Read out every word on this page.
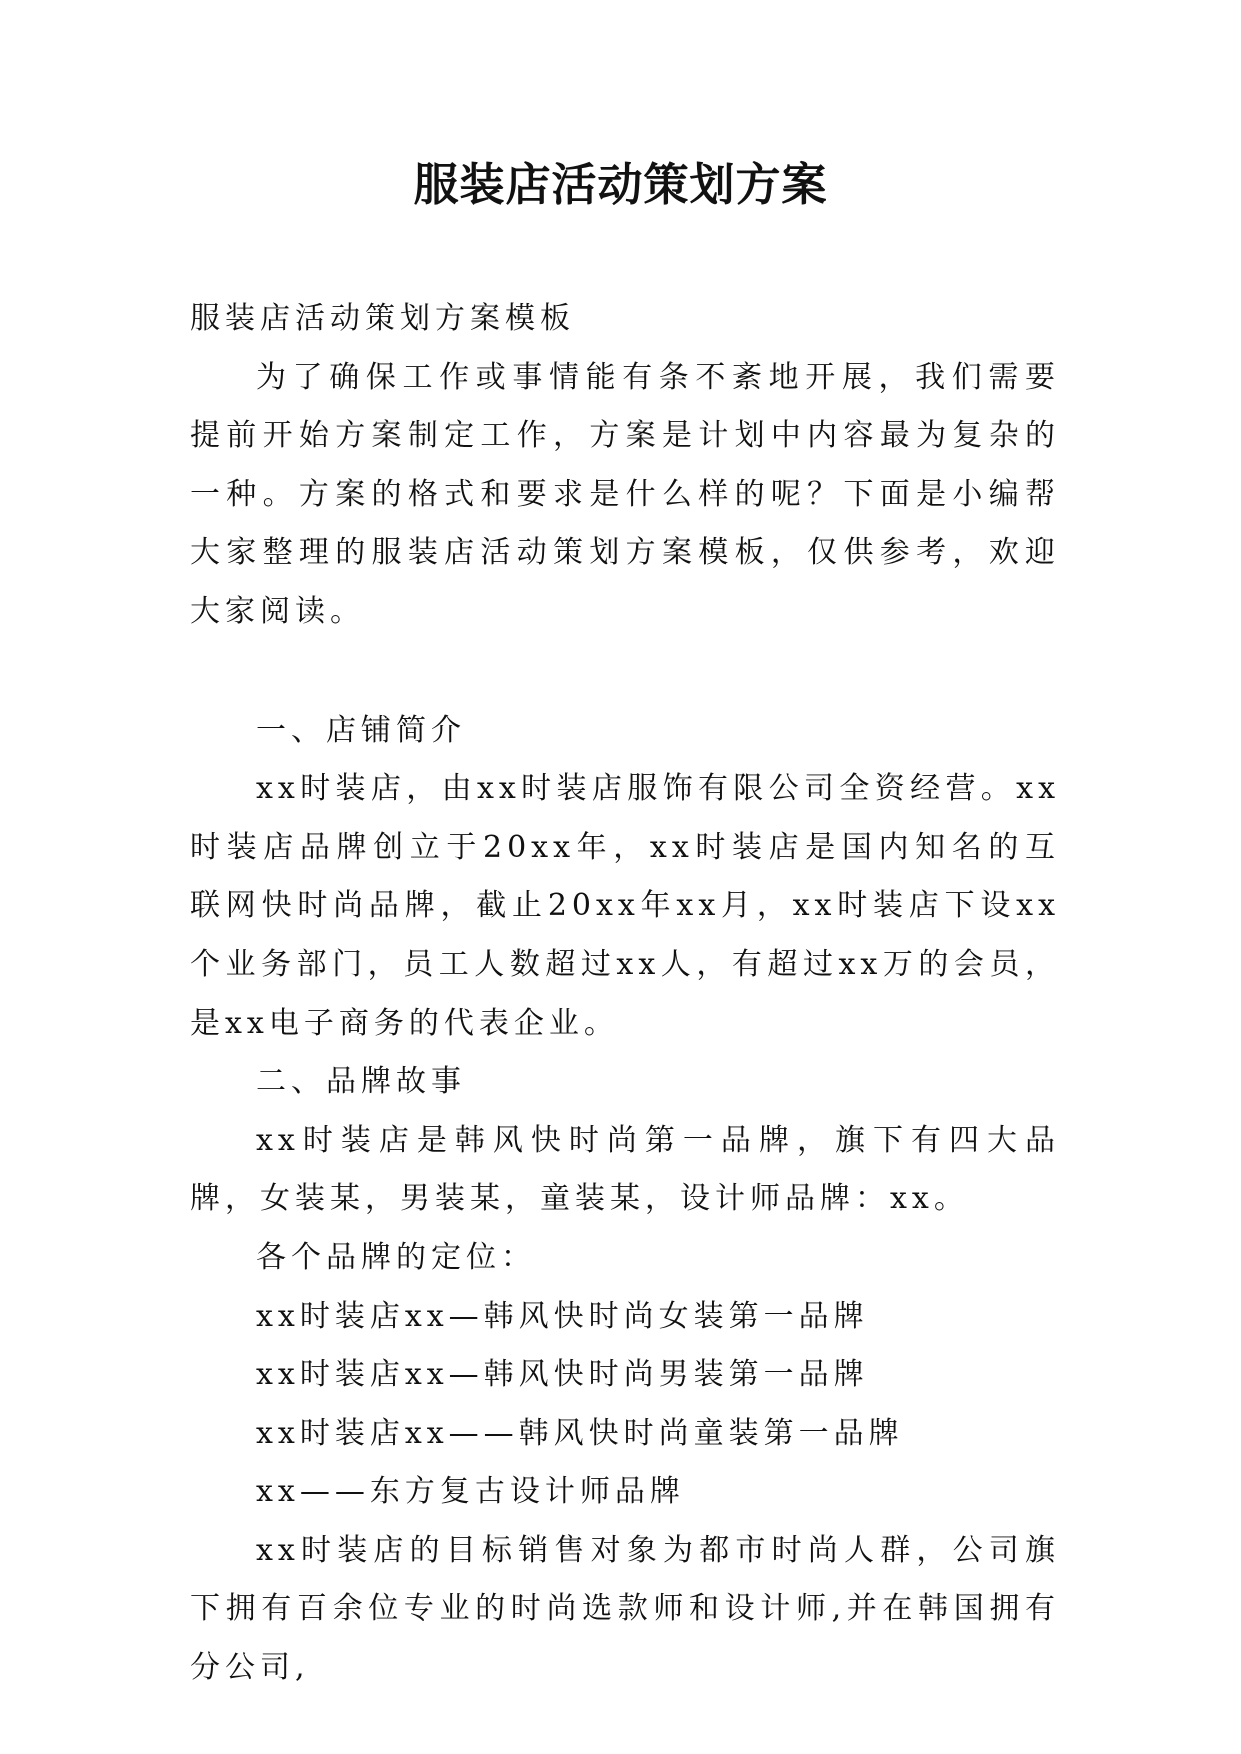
服装店活动策划方案

服装店活动策划方案模板

为了确保工作或事情能有条不紊地开展，我们需要提前开始方案制定工作，方案是计划中内容最为复杂的一种。方案的格式和要求是什么样的呢？下面是小编帮大家整理的服装店活动策划方案模板，仅供参考，欢迎大家阅读。

一、店铺简介

xx时装店，由xx时装店服饰有限公司全资经营。xx时装店品牌创立于20xx年，xx时装店是国内知名的互联网快时尚品牌，截止20xx年xx月，xx时装店下设xx个业务部门，员工人数超过xx人，有超过xx万的会员，是xx电子商务的代表企业。

二、品牌故事

xx时装店是韩风快时尚第一品牌，旗下有四大品牌，女装某，男装某，童装某，设计师品牌：xx。

各个品牌的定位：

xx时装店xx—韩风快时尚女装第一品牌

xx时装店xx—韩风快时尚男装第一品牌

xx时装店xx——韩风快时尚童装第一品牌

xx——东方复古设计师品牌

xx时装店的目标销售对象为都市时尚人群，公司旗下拥有百余位专业的时尚选款师和设计师,并在韩国拥有分公司,
